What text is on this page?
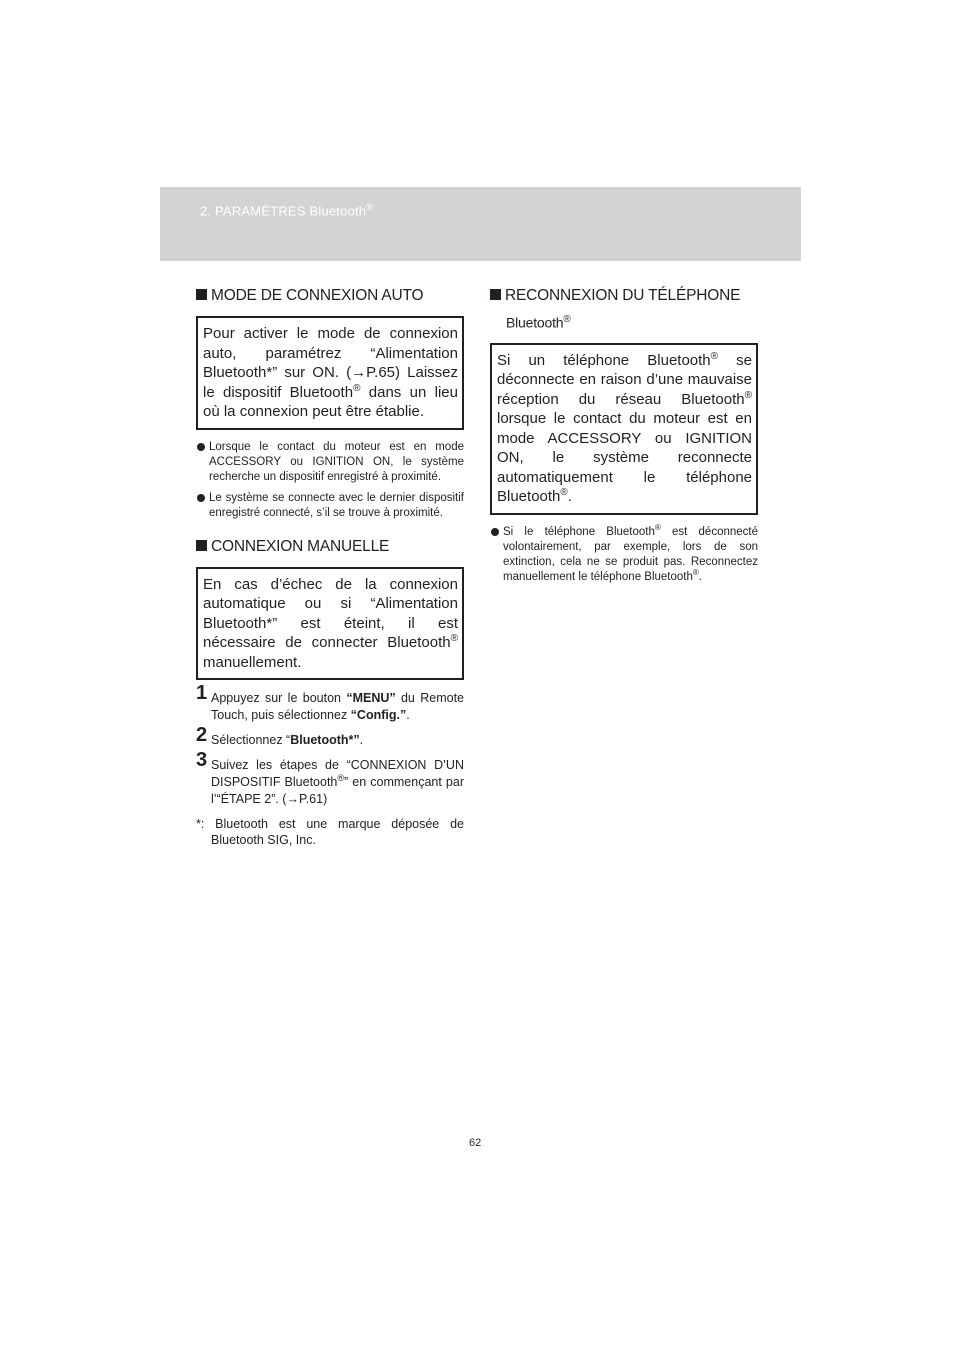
2. PARAMÈTRES Bluetooth®
MODE DE CONNEXION AUTO
Pour activer le mode de connexion auto, paramétrez “Alimentation Bluetooth*” sur ON. (→P.65) Laissez le dispositif Bluetooth® dans un lieu où la connexion peut être établie.
Lorsque le contact du moteur est en mode ACCESSORY ou IGNITION ON, le système recherche un dispositif enregistré à proximité.
Le système se connecte avec le dernier dispositif enregistré connecté, s’il se trouve à proximité.
CONNEXION MANUELLE
En cas d’échec de la connexion automatique ou si “Alimentation Bluetooth*” est éteint, il est nécessaire de connecter Bluetooth® manuellement.
1 Appuyez sur le bouton “MENU” du Remote Touch, puis sélectionnez “Config.”.
2 Sélectionnez “Bluetooth*”.
3 Suivez les étapes de “CONNEXION D’UN DISPOSITIF Bluetooth®” en commençant par l’“ÉTAPE 2”. (→P.61)
*: Bluetooth est une marque déposée de Bluetooth SIG, Inc.
RECONNEXION DU TÉLÉPHONE
Bluetooth®
Si un téléphone Bluetooth® se déconnecte en raison d’une mauvaise réception du réseau Bluetooth® lorsque le contact du moteur est en mode ACCESSORY ou IGNITION ON, le système reconnecte automatiquement le téléphone Bluetooth®.
Si le téléphone Bluetooth® est déconnecté volontairement, par exemple, lors de son extinction, cela ne se produit pas. Reconnectez manuellement le téléphone Bluetooth®.
62
